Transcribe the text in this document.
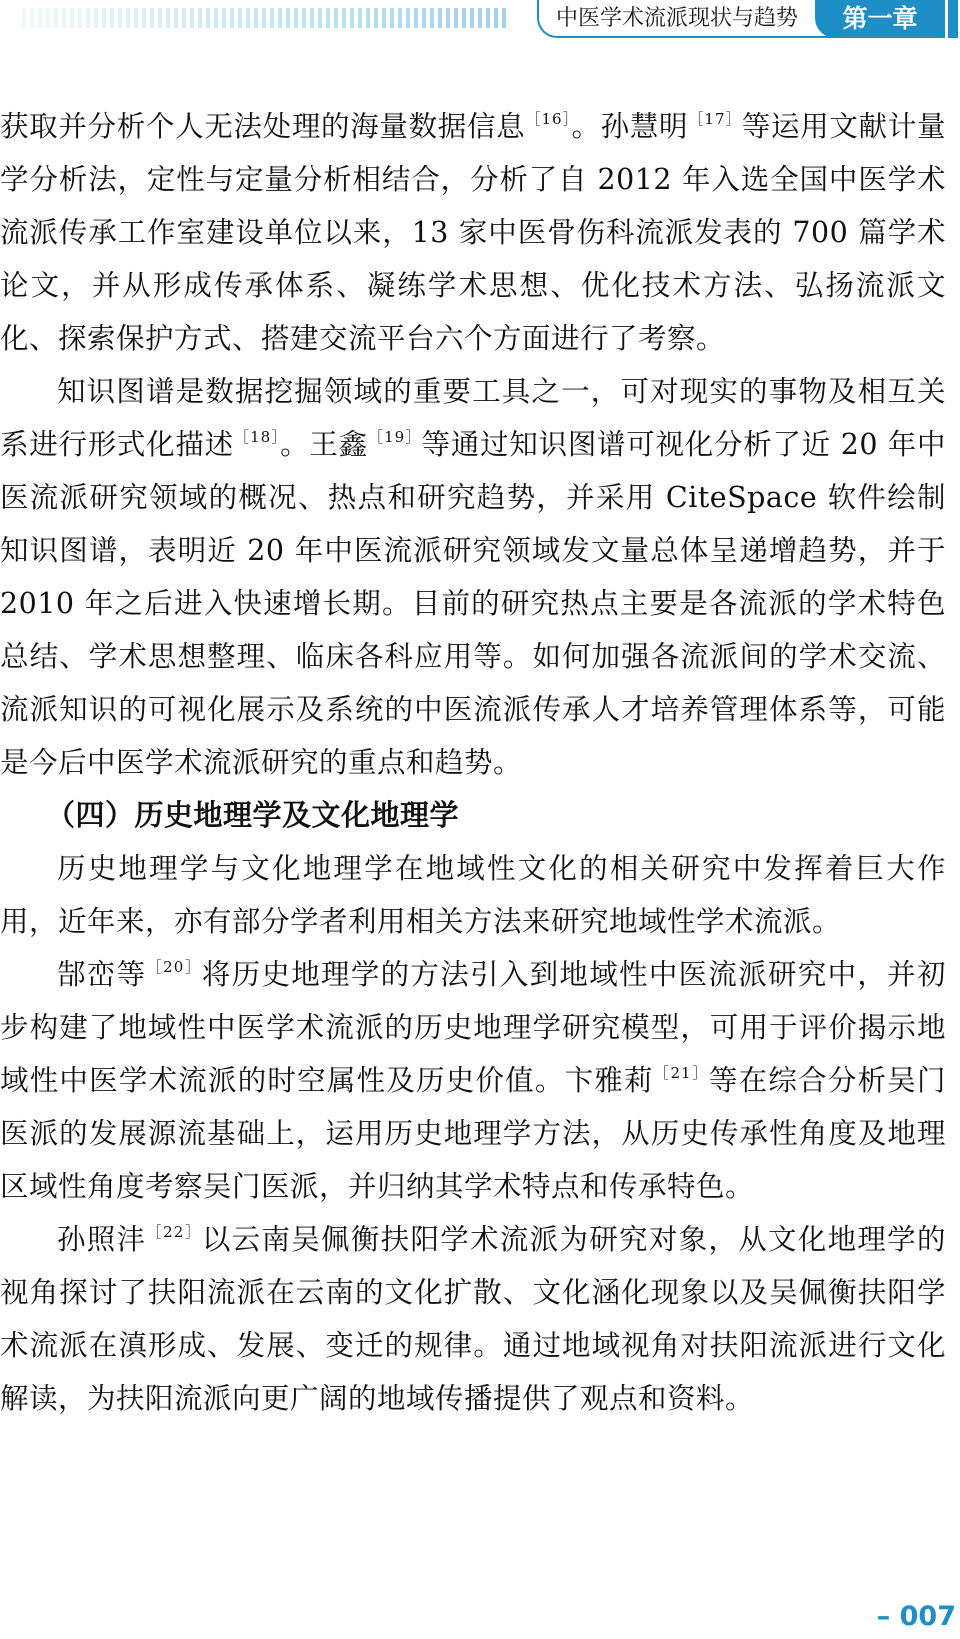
中医学术流派现状与趋势	第一章

获取并分析个人无法处理的海量数据信息$^{[16]}$。孙慧明$^{[17]}$等运用文献计量学分析法，定性与定量分析相结合，分析了自 2012 年入选全国中医学术流派传承工作室建设单位以来，13 家中医骨伤科流派发表的 700 篇学术论文，并从形成传承体系、凝练学术思想、优化技术方法、弘扬流派文化、探索保护方式、搭建交流平台六个方面进行了考察。

知识图谱是数据挖掘领域的重要工具之一，可对现实的事物及相互关系进行形式化描述$^{[18]}$。王鑫$^{[19]}$等通过知识图谱可视化分析了近 20 年中医流派研究领域的概况、热点和研究趋势，并采用 CiteSpace 软件绘制知识图谱，表明近 20 年中医流派研究领域发文量总体呈递增趋势，并于 2010 年之后进入快速增长期。目前的研究热点主要是各流派的学术特色总结、学术思想整理、临床各科应用等。如何加强各流派间的学术交流、流派知识的可视化展示及系统的中医流派传承人才培养管理体系等，可能是今后中医学术流派研究的重点和趋势。

（四）历史地理学及文化地理学

历史地理学与文化地理学在地域性文化的相关研究中发挥着巨大作用，近年来，亦有部分学者利用相关方法来研究地域性学术流派。

郜峦等$^{[20]}$将历史地理学的方法引入到地域性中医流派研究中，并初步构建了地域性中医学术流派的历史地理学研究模型，可用于评价揭示地域性中医学术流派的时空属性及历史价值。卞雅莉$^{[21]}$等在综合分析吴门医派的发展源流基础上，运用历史地理学方法，从历史传承性角度及地理区域性角度考察吴门医派，并归纳其学术特点和传承特色。

孙照沣$^{[22]}$以云南吴佩衡扶阳学术流派为研究对象，从文化地理学的视角探讨了扶阳流派在云南的文化扩散、文化涵化现象以及吴佩衡扶阳学术流派在滇形成、发展、变迁的规律。通过地域视角对扶阳流派进行文化解读，为扶阳流派向更广阔的地域传播提供了观点和资料。

– 007
